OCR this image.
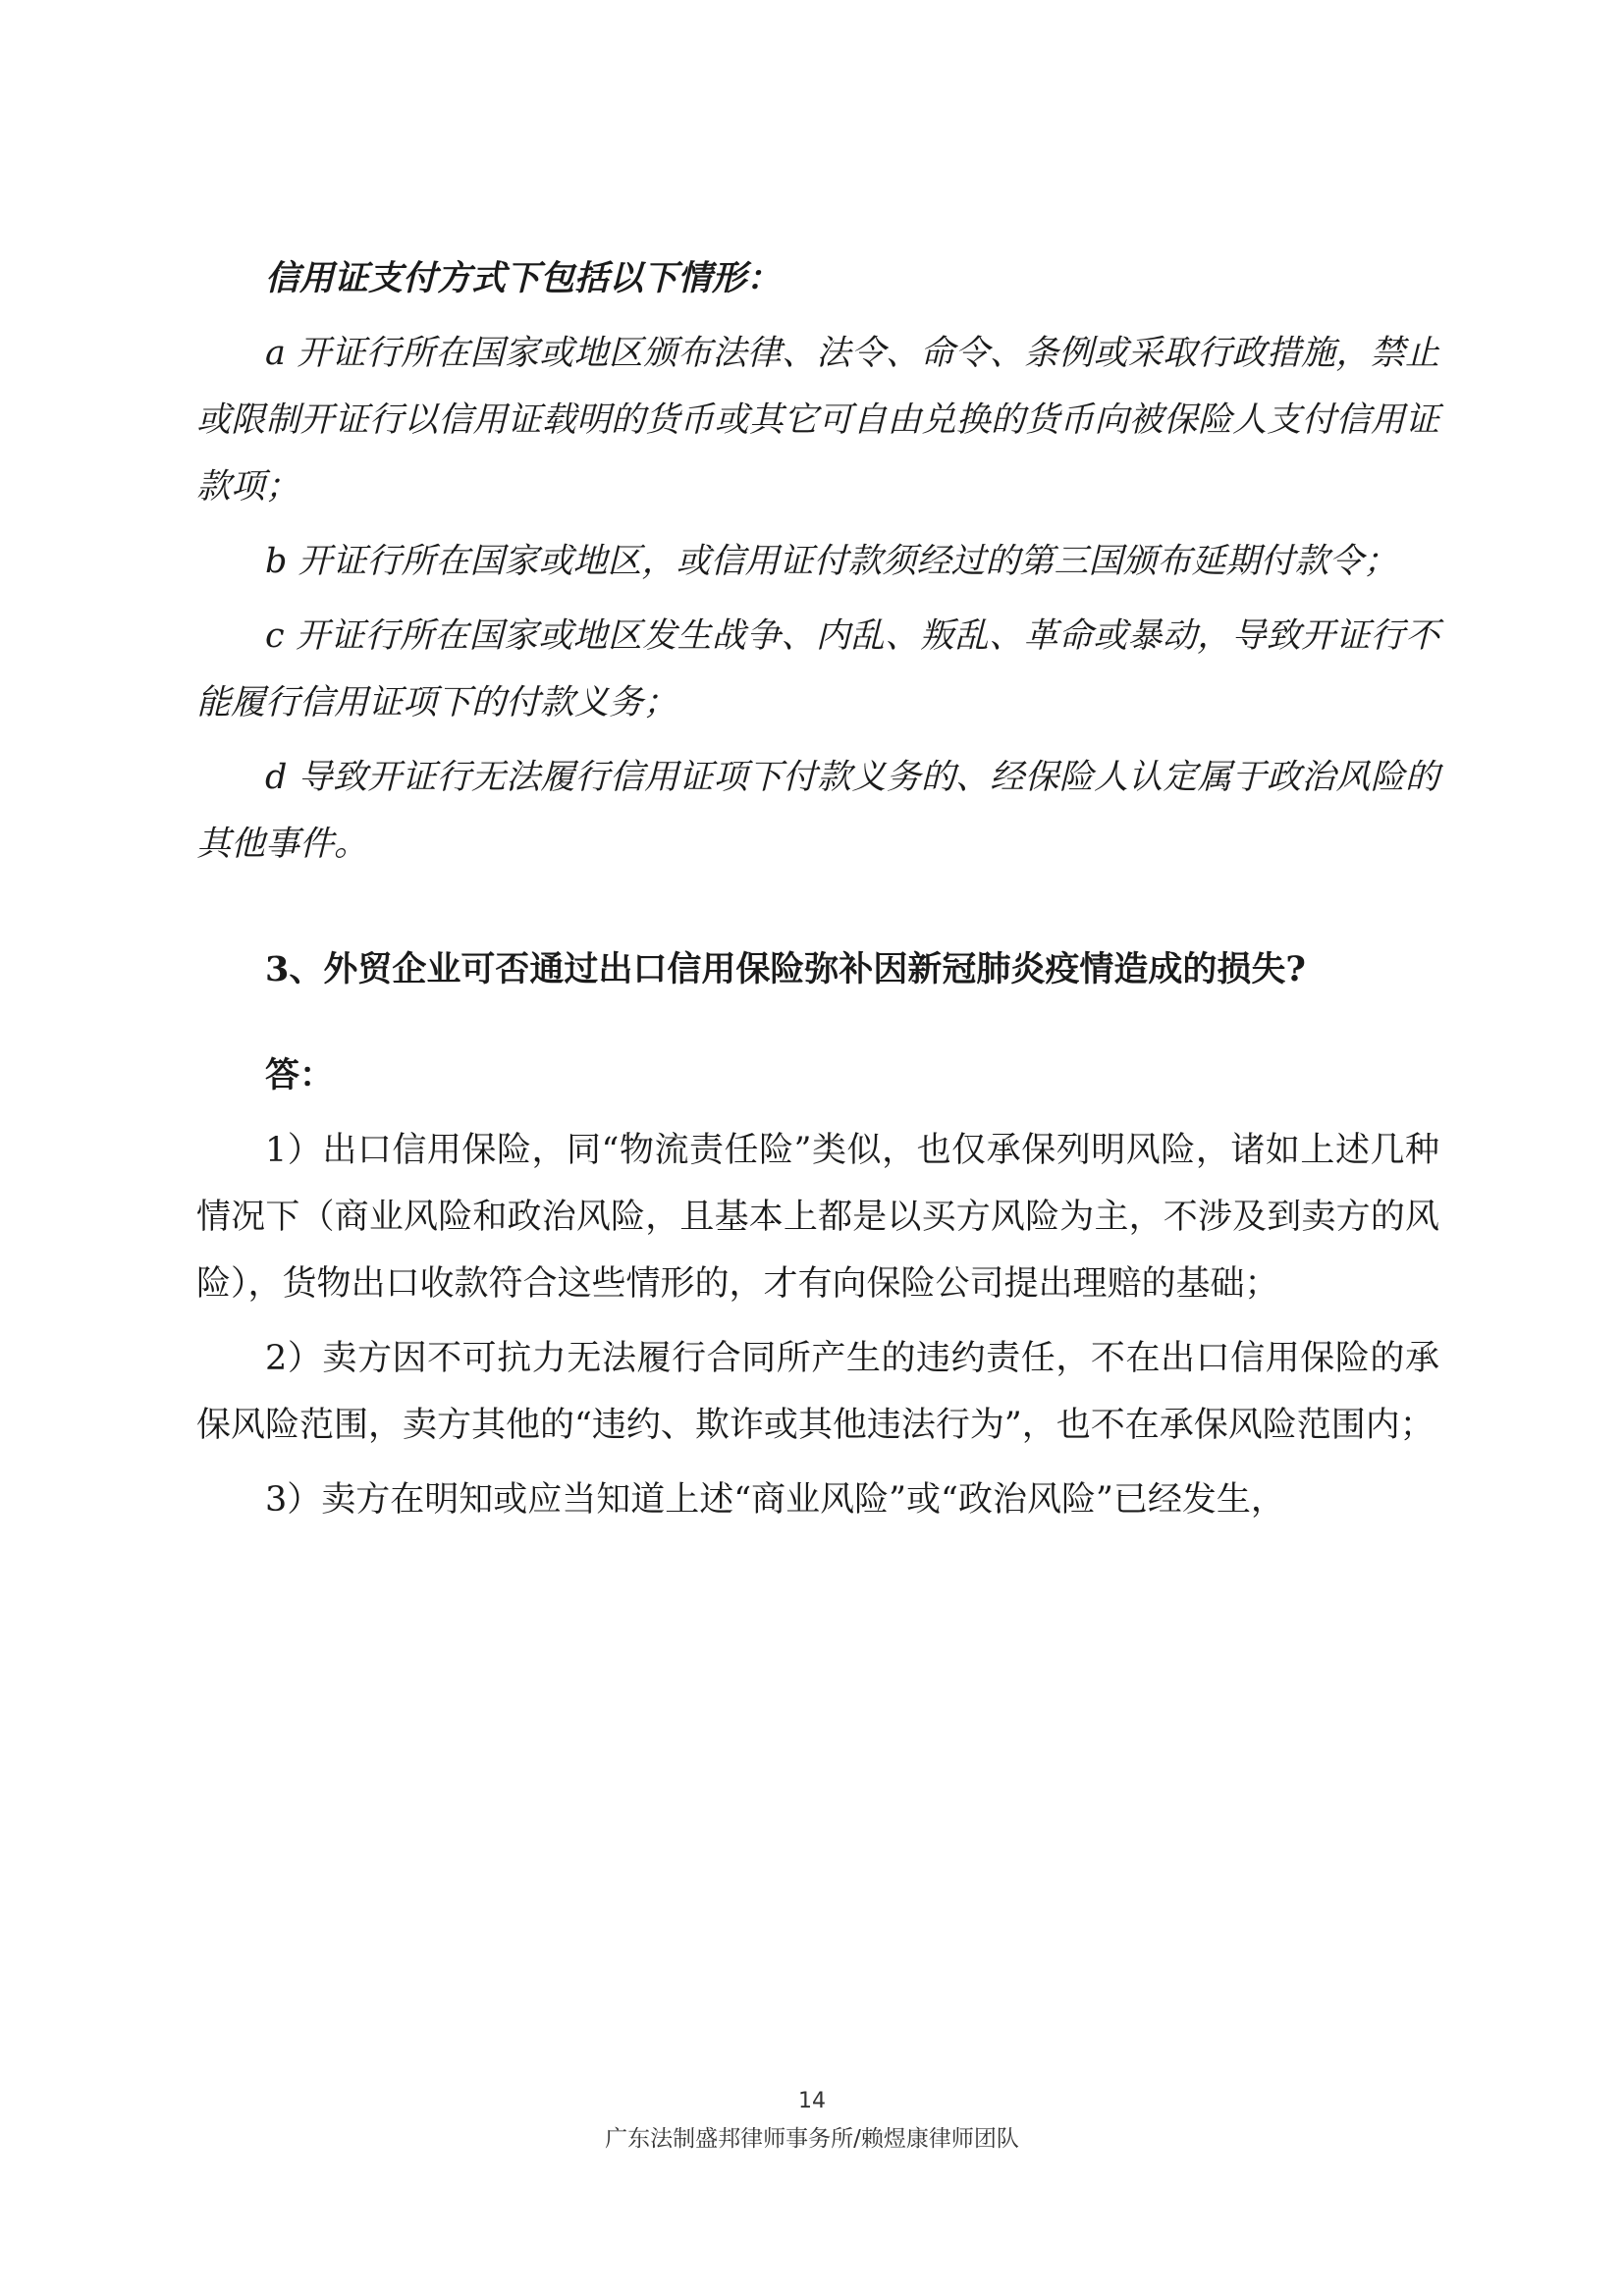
信用证支付方式下包括以下情形：

a 开证行所在国家或地区颁布法律、法令、命令、条例或采取行政措施，禁止或限制开证行以信用证载明的货币或其它可自由兑换的货币向被保险人支付信用证款项；

b 开证行所在国家或地区，或信用证付款须经过的第三国颁布延期付款令；

c 开证行所在国家或地区发生战争、内乱、叛乱、革命或暴动，导致开证行不能履行信用证项下的付款义务；

d 导致开证行无法履行信用证项下付款义务的、经保险人认定属于政治风险的其他事件。

3、外贸企业可否通过出口信用保险弥补因新冠肺炎疫情造成的损失?

答：

1）出口信用保险，同“物流责任险”类似，也仅承保列明风险，诸如上述几种情况下（商业风险和政治风险，且基本上都是以买方风险为主，不涉及到卖方的风险），货物出口收款符合这些情形的，才有向保险公司提出理赔的基础；

2）卖方因不可抗力无法履行合同所产生的违约责任，不在出口信用保险的承保风险范围，卖方其他的“违约、欺诈或其他违法行为”，也不在承保风险范围内；

3）卖方在明知或应当知道上述“商业风险”或“政治风险”已经发生，

14
广东法制盛邦律师事务所/赖煜康律师团队
